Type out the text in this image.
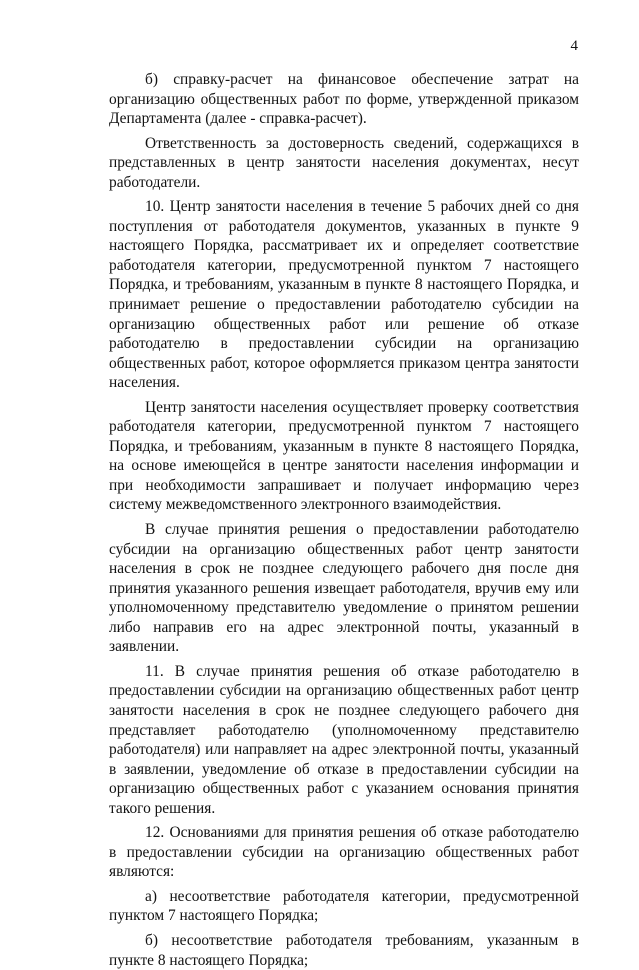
4

б) справку-расчет на финансовое обеспечение затрат на организацию общественных работ по форме, утвержденной приказом Департамента (далее - справка-расчет).

Ответственность за достоверность сведений, содержащихся в представленных в центр занятости населения документах, несут работодатели.

10. Центр занятости населения в течение 5 рабочих дней со дня поступления от работодателя документов, указанных в пункте 9 настоящего Порядка, рассматривает их и определяет соответствие работодателя категории, предусмотренной пунктом 7 настоящего Порядка, и требованиям, указанным в пункте 8 настоящего Порядка, и принимает решение о предоставлении работодателю субсидии на организацию общественных работ или решение об отказе работодателю в предоставлении субсидии на организацию общественных работ, которое оформляется приказом центра занятости населения.

Центр занятости населения осуществляет проверку соответствия работодателя категории, предусмотренной пунктом 7 настоящего Порядка, и требованиям, указанным в пункте 8 настоящего Порядка, на основе имеющейся в центре занятости населения информации и при необходимости запрашивает и получает информацию через систему межведомственного электронного взаимодействия.

В случае принятия решения о предоставлении работодателю субсидии на организацию общественных работ центр занятости населения в срок не позднее следующего рабочего дня после дня принятия указанного решения извещает работодателя, вручив ему или уполномоченному представителю уведомление о принятом решении либо направив его на адрес электронной почты, указанный в заявлении.

11. В случае принятия решения об отказе работодателю в предоставлении субсидии на организацию общественных работ центр занятости населения в срок не позднее следующего рабочего дня представляет работодателю (уполномоченному представителю работодателя) или направляет на адрес электронной почты, указанный в заявлении, уведомление об отказе в предоставлении субсидии на организацию общественных работ с указанием основания принятия такого решения.

12. Основаниями для принятия решения об отказе работодателю в предоставлении субсидии на организацию общественных работ являются:

а) несоответствие работодателя категории, предусмотренной пунктом 7 настоящего Порядка;

б) несоответствие работодателя требованиям, указанным в пункте 8 настоящего Порядка;
